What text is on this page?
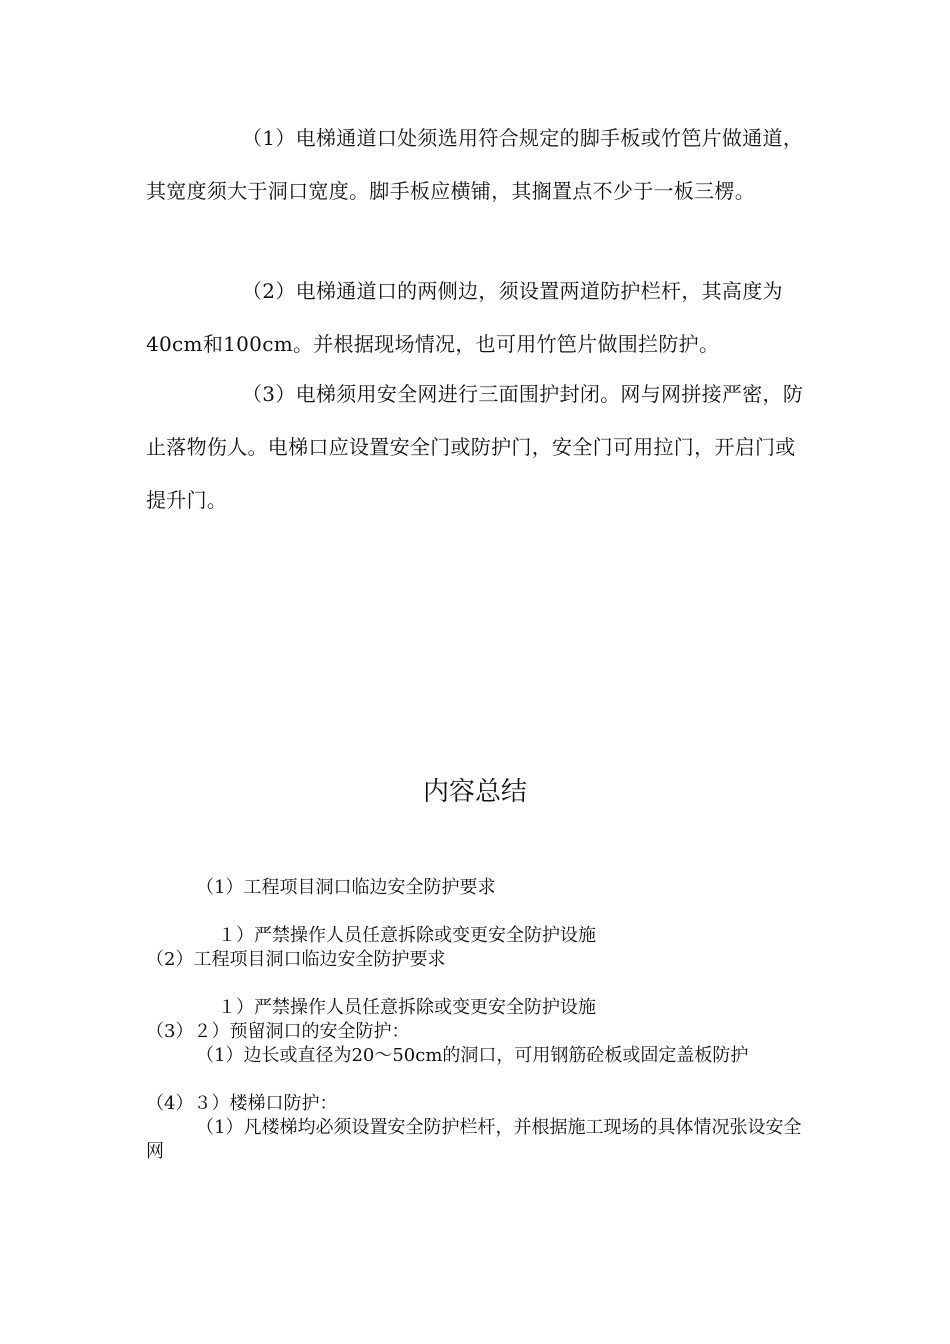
（1）电梯通道口处须选用符合规定的脚手板或竹笆片做通道，其宽度须大于洞口宽度。脚手板应横铺，其搁置点不少于一板三楞。

（2）电梯通道口的两侧边，须设置两道防护栏杆，其高度为40cm和100cm。并根据现场情况，也可用竹笆片做围拦防护。

（3）电梯须用安全网进行三面围护封闭。网与网拼接严密，防止落物伤人。电梯口应设置安全门或防护门，安全门可用拉门，开启门或提升门。

内容总结

（1）工程项目洞口临边安全防护要求

１）严禁操作人员任意拆除或变更安全防护设施

（2）工程项目洞口临边安全防护要求

１）严禁操作人员任意拆除或变更安全防护设施

（3）２）预留洞口的安全防护：

（1）边长或直径为20～50cm的洞口，可用钢筋砼板或固定盖板防护

（4）３）楼梯口防护：

（1）凡楼梯均必须设置安全防护栏杆，并根据施工现场的具体情况张设安全网
